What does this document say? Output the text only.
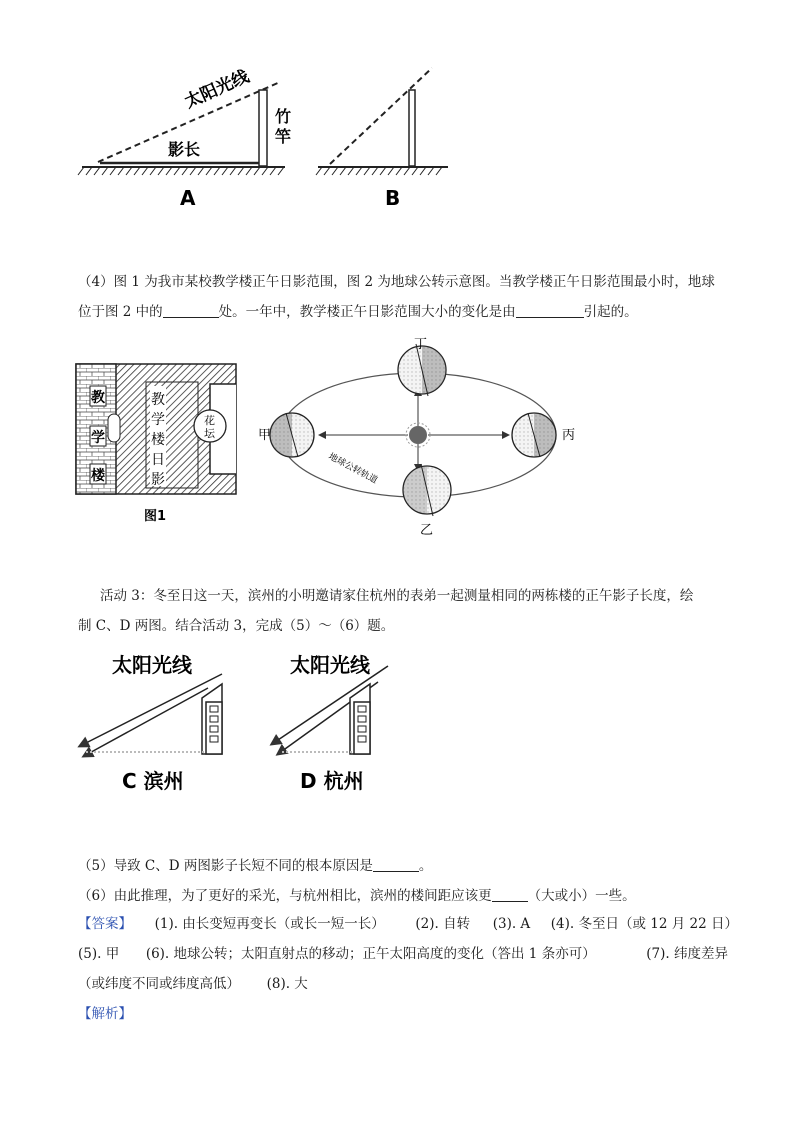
太阳光线
影长
竹
竿
A	B
（4）图 1 为我市某校教学楼正午日影范围，图 2 为地球公转示意图。当教学楼正午日影范围最小时，地球
位于图 2 中的	处。一年中，教学楼正午日影范围大小的变化是由	引起的。
教
学
楼
教
学
楼
日
影
花
坛
图1
丁
乙
甲	丙
地球公转轨道
活动 3：冬至日这一天，滨州的小明邀请家住杭州的表弟一起测量相同的两栋楼的正午影子长度，绘
制 C、D 两图。结合活动 3，完成（5）～（6）题。
太阳光线
C 滨州
太阳光线
D 杭州
（5）导致 C、D 两图影子长短不同的根本原因是	。
（6）由此推理，为了更好的采光，与杭州相比，滨州的楼间距应该更	（大或小）一些。
【答案】 (1). 由长变短再变长（或长一短一长） (2). 自转 (3). A (4). 冬至日（或 12 月 22 日）
(5). 甲 (6). 地球公转；太阳直射点的移动；正午太阳高度的变化（答出 1 条亦可）	(7). 纬度差异
（或纬度不同或纬度高低） (8). 大
【解析】
